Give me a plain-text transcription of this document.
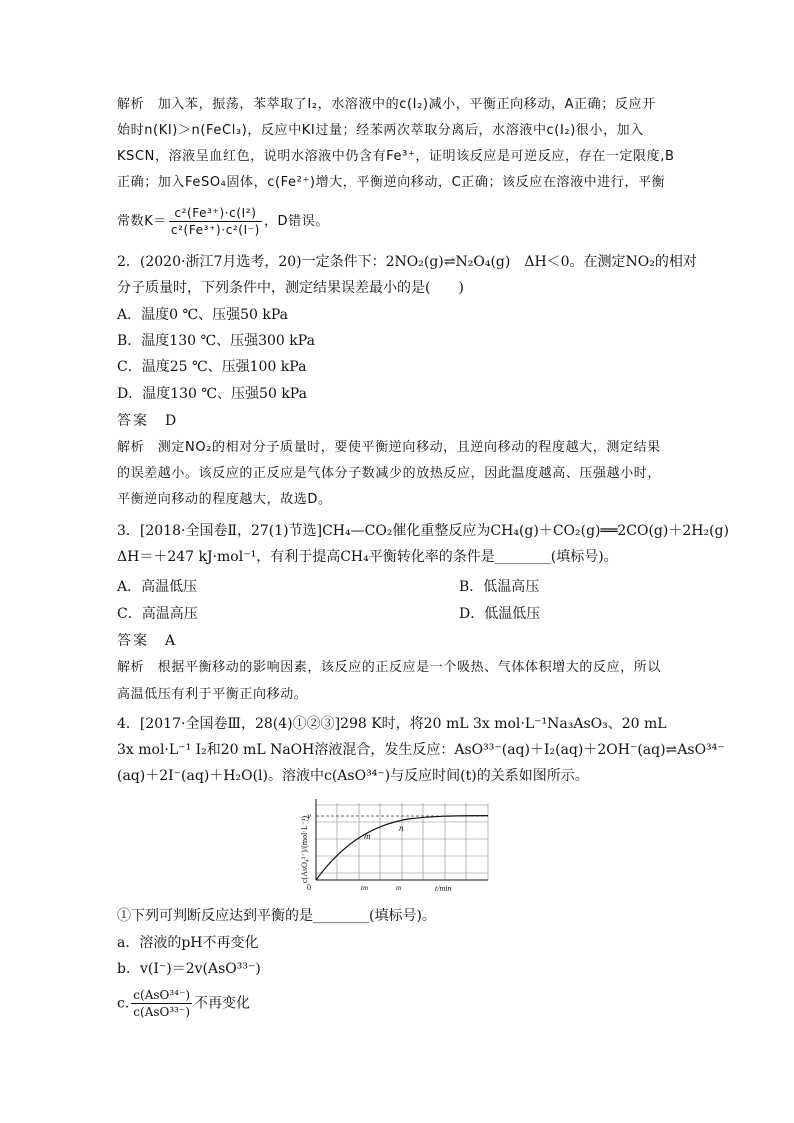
解析　加入苯，振荡，苯萃取了I₂，水溶液中的c(I₂)减小，平衡正向移动，A正确；反应开
始时n(KI)＞n(FeCl₃)，反应中KI过量；经苯两次萃取分离后，水溶液中c(I₂)很小，加入
KSCN，溶液呈血红色，说明水溶液中仍含有Fe³⁺，证明该反应是可逆反应，存在一定限度,B
正确；加入FeSO₄固体，c(Fe²⁺)增大，平衡逆向移动，C正确；该反应在溶液中进行，平衡
常数$K= \frac{\text{c²(Fe³⁺)·c(I²)}}{\text{c²(Fe³⁺)·c²(I⁻)}}$ ，D错误。
2．(2020·浙江7月选考，20)一定条件下：2NO₂(g)⇌N₂O₄(g)　ΔH＜0。在测定NO₂的相对
分子质量时，下列条件中，测定结果误差最小的是(　　)
A．温度0 ℃、压强50 kPa
B．温度130 ℃、压强300 kPa
C．温度25 ℃、压强100 kPa
D．温度130 ℃、压强50 kPa
答案　D
解析　测定NO₂的相对分子质量时，要使平衡逆向移动，且逆向移动的程度越大，测定结果
的误差越小。该反应的正反应是气体分子数减少的放热反应，因此温度越高、压强越小时，
平衡逆向移动的程度越大，故选D。
3．[2018·全国卷Ⅱ，27(1)节选]CH₄—CO₂催化重整反应为CH₄(g)＋CO₂(g)══2CO(g)＋2H₂(g)
ΔH＝＋247 kJ·mol⁻¹，有利于提高CH₄平衡转化率的条件是________(填标号)。
A．高温低压	B．低温高压
C．高温高压	D．低温低压
答案　A
解析　根据平衡移动的影响因素，该反应的正反应是一个吸热、气体体积增大的反应，所以
高温低压有利于平衡正向移动。
4．[2017·全国卷Ⅲ，28(4)①②③]298 K时，将20 mL 3x mol·L⁻¹Na₃AsO₃、20 mL
3x mol·L⁻¹ I₂和20 mL NaOH溶液混合，发生反应：AsO³³⁻(aq)＋I₂(aq)＋2OH⁻(aq)⇌AsO³⁴⁻
(aq)＋2I⁻(aq)＋H₂O(l)。溶液中c(AsO³⁴⁻)与反应时间(t)的关系如图所示。
c(AsO₄³⁻)/(mol·L⁻¹)
y
0
m
n
tm	tn	t/min
①下列可判断反应达到平衡的是________(填标号)。
a．溶液的pH不再变化
b．v(I⁻)＝2v(AsO³³⁻)
c. $\frac{\text{c(AsO³⁴⁻)}}{\text{c(AsO³³⁻)}}$ 不再变化
